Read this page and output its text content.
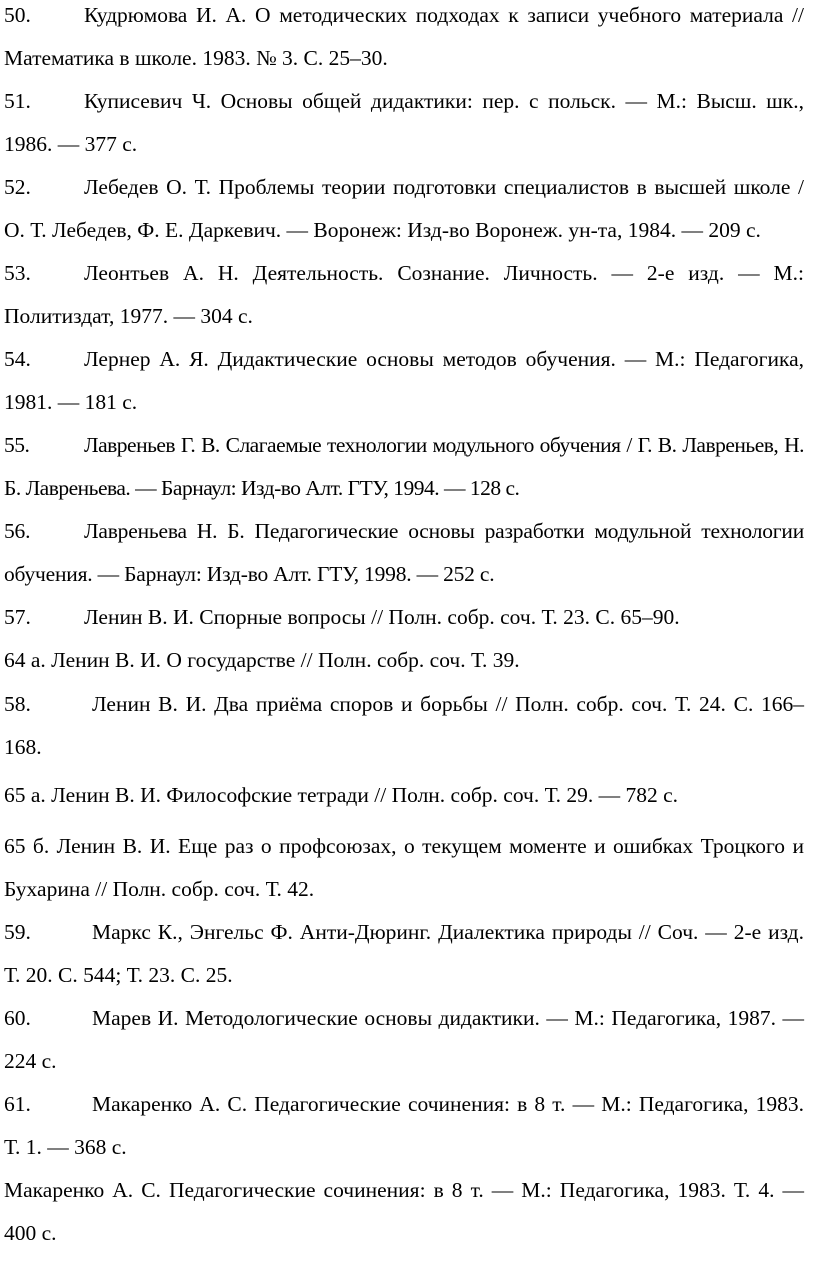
50. Кудрюмова И. А. О методических подходах к записи учебного материала // Математика в школе. 1983. № 3. С. 25–30.
51. Куписевич Ч. Основы общей дидактики: пер. с польск. — М.: Высш. шк., 1986. — 377 с.
52. Лебедев О. Т. Проблемы теории подготовки специалистов в высшей школе / О. Т. Лебедев, Ф. Е. Даркевич. — Воронеж: Изд-во Воронеж. ун-та, 1984. — 209 с.
53. Леонтьев А. Н. Деятельность. Сознание. Личность. — 2-е изд. — М.: Политиздат, 1977. — 304 с.
54. Лернер А. Я. Дидактические основы методов обучения. — М.: Педагогика, 1981. — 181 с.
55.	Лавреньев Г. В. Слагаемые технологии модульного обучения / Г. В. Лавреньев, Н. Б. Лавреньева. — Барнаул: Изд-во Алт. ГТУ, 1994. — 128 с.
56. Лавреньева Н. Б. Педагогические основы разработки модульной технологии обучения. — Барнаул: Изд-во Алт. ГТУ, 1998. — 252 с.
57. Ленин В. И. Спорные вопросы // Полн. собр. соч. Т. 23. С. 65–90.
64 а. Ленин В. И. О государстве // Полн. собр. соч. Т. 39.
58.	Ленин В. И. Два приёма споров и борьбы // Полн. собр. соч. Т. 24. С. 166–168.
65 а. Ленин В. И. Философские тетради // Полн. собр. соч. Т. 29. — 782 с.
65 б. Ленин В. И. Еще раз о профсоюзах, о текущем моменте и ошибках Троцкого и Бухарина // Полн. собр. соч. Т. 42.
59.	Маркс К., Энгельс Ф. Анти-Дюринг. Диалектика природы // Соч. — 2-е изд. Т. 20. С. 544; Т. 23. С. 25.
60.	Марев И. Методологические основы дидактики. — М.: Педагогика, 1987. — 224 с.
61.	Макаренко А. С. Педагогические сочинения: в 8 т. — М.: Педагогика, 1983. Т. 1. — 368 с.
Макаренко А. С. Педагогические сочинения: в 8 т. — М.: Педагогика, 1983. Т. 4. — 400 с.
